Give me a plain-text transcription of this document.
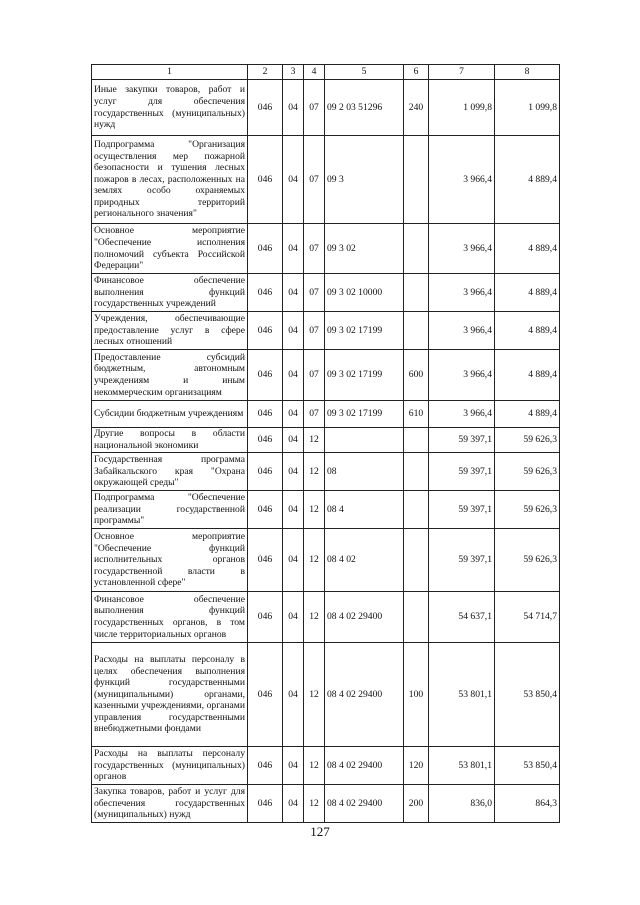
1	2	3	4	5	6	7	8
Иные закупки товаров, работ и услуг для обеспечения государственных (муниципальных) нужд	046	04	07	09 2 03 51296	240	1 099,8	1 099,8
Подпрограмма "Организация осуществления мер пожарной безопасности и тушения лесных пожаров в лесах, расположенных на землях особо охраняемых природных территорий регионального значения"	046	04	07	09 3		3 966,4	4 889,4
Основное мероприятие "Обеспечение исполнения полномочий субъекта Российской Федерации"	046	04	07	09 3 02		3 966,4	4 889,4
Финансовое обеспечение выполнения функций государственных учреждений	046	04	07	09 3 02 10000		3 966,4	4 889,4
Учреждения, обеспечивающие предоставление услуг в сфере лесных отношений	046	04	07	09 3 02 17199		3 966,4	4 889,4
Предоставление субсидий бюджетным, автономным учреждениям и иным некоммерческим организациям	046	04	07	09 3 02 17199	600	3 966,4	4 889,4
Субсидии бюджетным учреждениям	046	04	07	09 3 02 17199	610	3 966,4	4 889,4
Другие вопросы в области национальной экономики	046	04	12			59 397,1	59 626,3
Государственная программа Забайкальского края "Охрана окружающей среды"	046	04	12	08		59 397,1	59 626,3
Подпрограмма "Обеспечение реализации государственной программы"	046	04	12	08 4		59 397,1	59 626,3
Основное мероприятие "Обеспечение функций исполнительных органов государственной власти в установленной сфере"	046	04	12	08 4 02		59 397,1	59 626,3
Финансовое обеспечение выполнения функций государственных органов, в том числе территориальных органов	046	04	12	08 4 02 29400		54 637,1	54 714,7
Расходы на выплаты персоналу в целях обеспечения выполнения функций государственными (муниципальными) органами, казенными учреждениями, органами управления государственными внебюджетными фондами	046	04	12	08 4 02 29400	100	53 801,1	53 850,4
Расходы на выплаты персоналу государственных (муниципальных) органов	046	04	12	08 4 02 29400	120	53 801,1	53 850,4
Закупка товаров, работ и услуг для обеспечения государственных (муниципальных) нужд	046	04	12	08 4 02 29400	200	836,0	864,3
127
